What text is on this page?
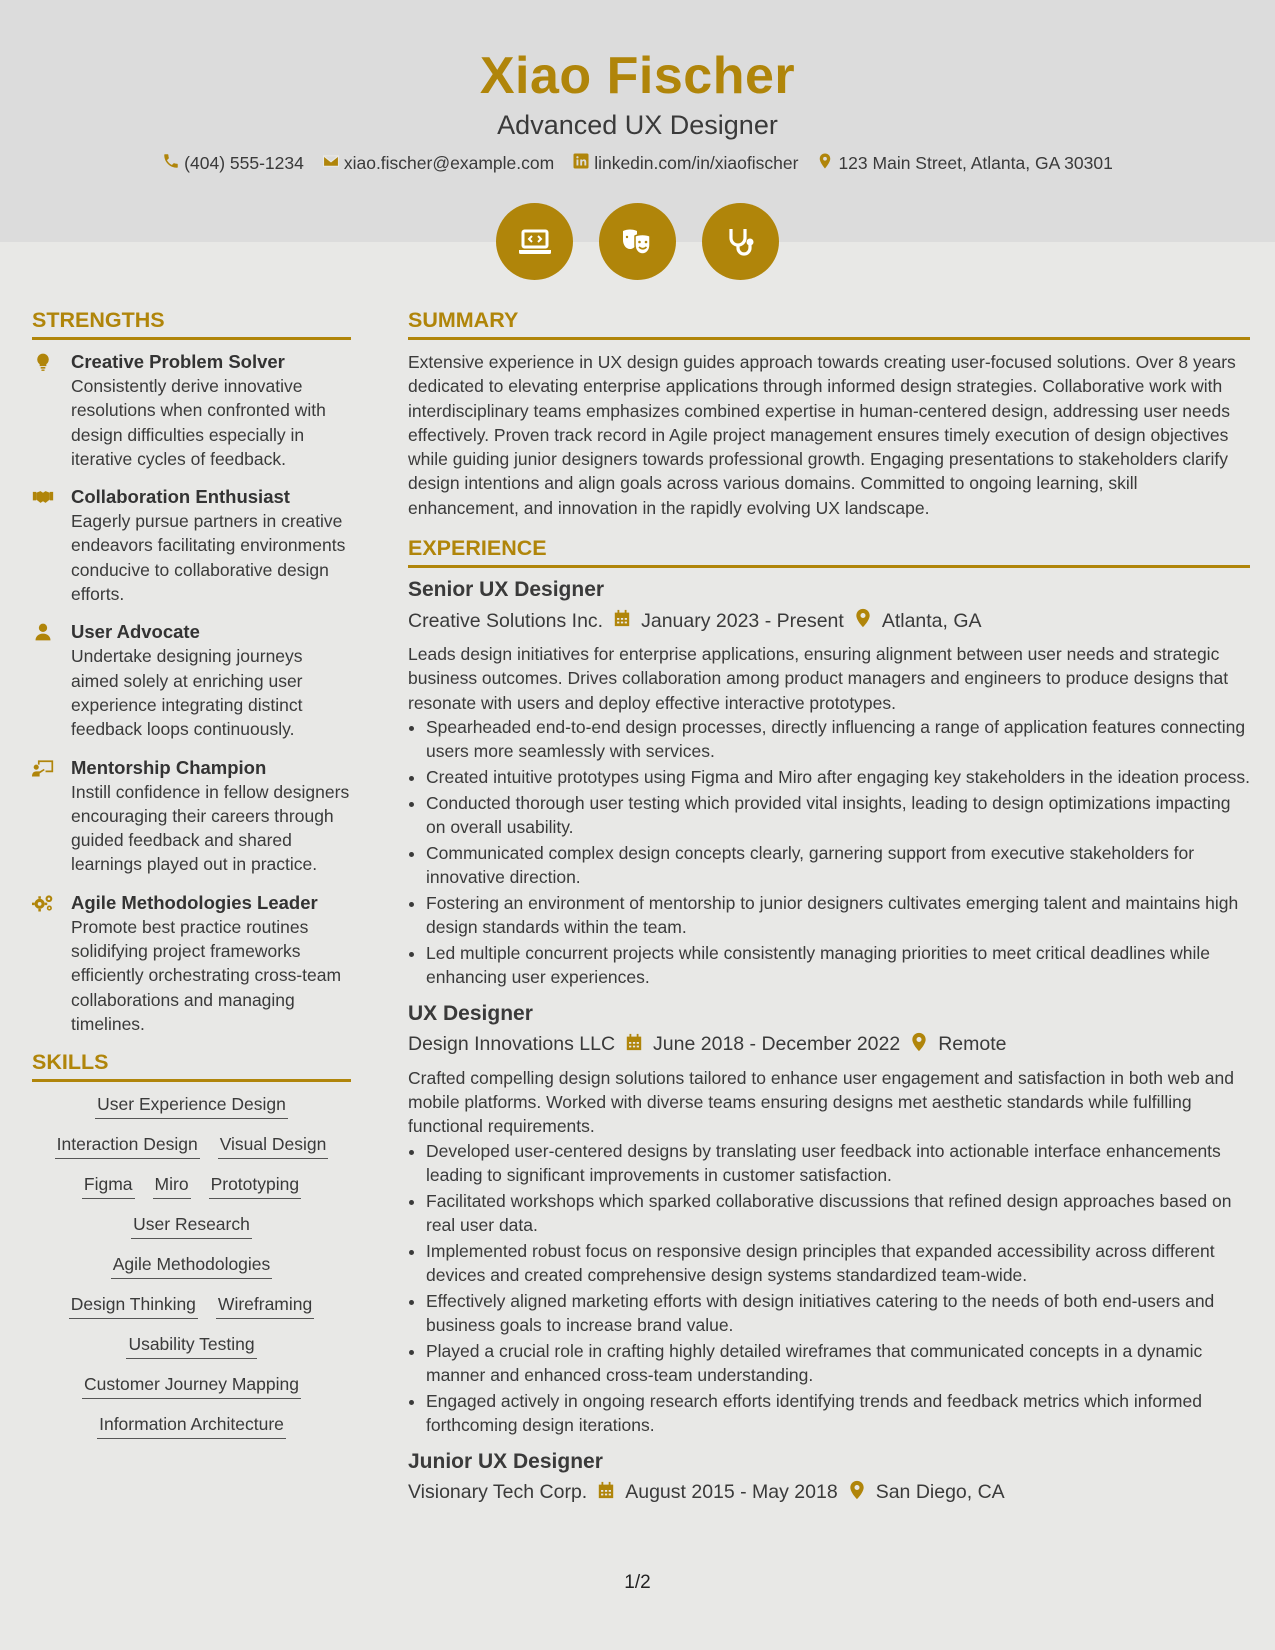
Xiao Fischer
Advanced UX Designer
(404) 555-1234 xiao.fischer@example.com linkedin.com/in/xiaofischer 123 Main Street, Atlanta, GA 30301
STRENGTHS
Creative Problem Solver
Consistently derive innovative resolutions when confronted with design difficulties especially in iterative cycles of feedback.
Collaboration Enthusiast
Eagerly pursue partners in creative endeavors facilitating environments conducive to collaborative design efforts.
User Advocate
Undertake designing journeys aimed solely at enriching user experience integrating distinct feedback loops continuously.
Mentorship Champion
Instill confidence in fellow designers encouraging their careers through guided feedback and shared learnings played out in practice.
Agile Methodologies Leader
Promote best practice routines solidifying project frameworks efficiently orchestrating cross-team collaborations and managing timelines.
SKILLS
User Experience Design
Interaction Design Visual Design
Figma Miro Prototyping
User Research
Agile Methodologies
Design Thinking Wireframing
Usability Testing
Customer Journey Mapping
Information Architecture
SUMMARY
Extensive experience in UX design guides approach towards creating user-focused solutions. Over 8 years dedicated to elevating enterprise applications through informed design strategies. Collaborative work with interdisciplinary teams emphasizes combined expertise in human-centered design, addressing user needs effectively. Proven track record in Agile project management ensures timely execution of design objectives while guiding junior designers towards professional growth. Engaging presentations to stakeholders clarify design intentions and align goals across various domains. Committed to ongoing learning, skill enhancement, and innovation in the rapidly evolving UX landscape.
EXPERIENCE
Senior UX Designer
Creative Solutions Inc. January 2023 - Present Atlanta, GA
Leads design initiatives for enterprise applications, ensuring alignment between user needs and strategic business outcomes. Drives collaboration among product managers and engineers to produce designs that resonate with users and deploy effective interactive prototypes.
• Spearheaded end-to-end design processes, directly influencing a range of application features connecting users more seamlessly with services.
• Created intuitive prototypes using Figma and Miro after engaging key stakeholders in the ideation process.
• Conducted thorough user testing which provided vital insights, leading to design optimizations impacting on overall usability.
• Communicated complex design concepts clearly, garnering support from executive stakeholders for innovative direction.
• Fostering an environment of mentorship to junior designers cultivates emerging talent and maintains high design standards within the team.
• Led multiple concurrent projects while consistently managing priorities to meet critical deadlines while enhancing user experiences.
UX Designer
Design Innovations LLC June 2018 - December 2022 Remote
Crafted compelling design solutions tailored to enhance user engagement and satisfaction in both web and mobile platforms. Worked with diverse teams ensuring designs met aesthetic standards while fulfilling functional requirements.
• Developed user-centered designs by translating user feedback into actionable interface enhancements leading to significant improvements in customer satisfaction.
• Facilitated workshops which sparked collaborative discussions that refined design approaches based on real user data.
• Implemented robust focus on responsive design principles that expanded accessibility across different devices and created comprehensive design systems standardized team-wide.
• Effectively aligned marketing efforts with design initiatives catering to the needs of both end-users and business goals to increase brand value.
• Played a crucial role in crafting highly detailed wireframes that communicated concepts in a dynamic manner and enhanced cross-team understanding.
• Engaged actively in ongoing research efforts identifying trends and feedback metrics which informed forthcoming design iterations.
Junior UX Designer
Visionary Tech Corp. August 2015 - May 2018 San Diego, CA
1/2
